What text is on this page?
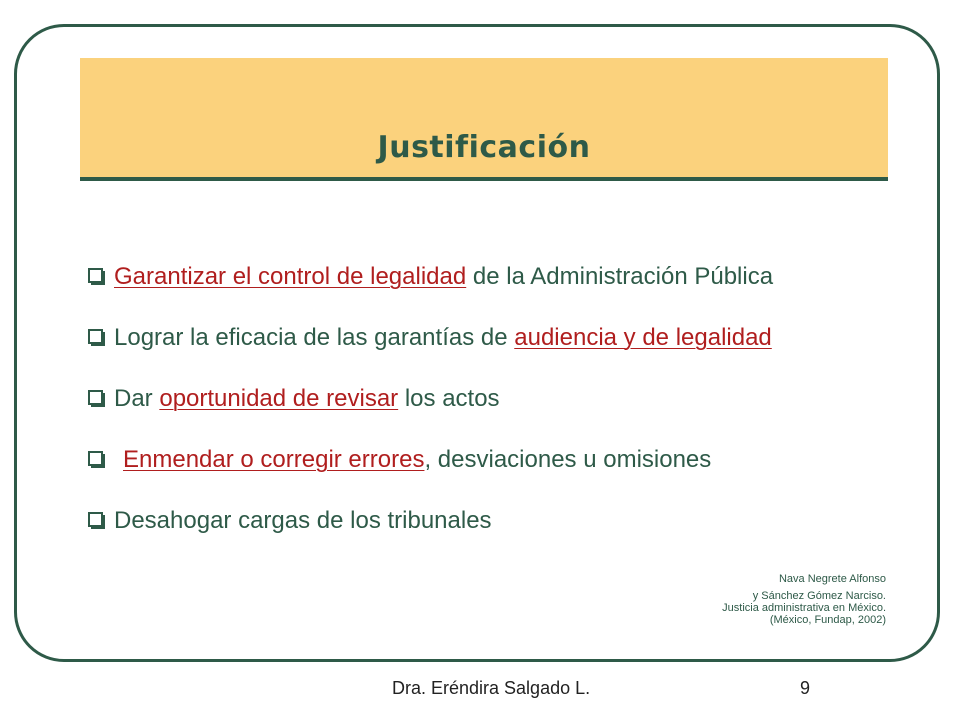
Justificación
Garantizar el control de legalidad de la Administración Pública
Lograr la eficacia de las garantías de audiencia y de legalidad
Dar oportunidad de revisar los actos
Enmendar o corregir errores , desviaciones u omisiones
Desahogar cargas de los tribunales
Nava Negrete Alfonso
y Sánchez Gómez Narciso.
Justicia administrativa en México.
(México, Fundap, 2002)
Dra. Eréndira Salgado L.	9
